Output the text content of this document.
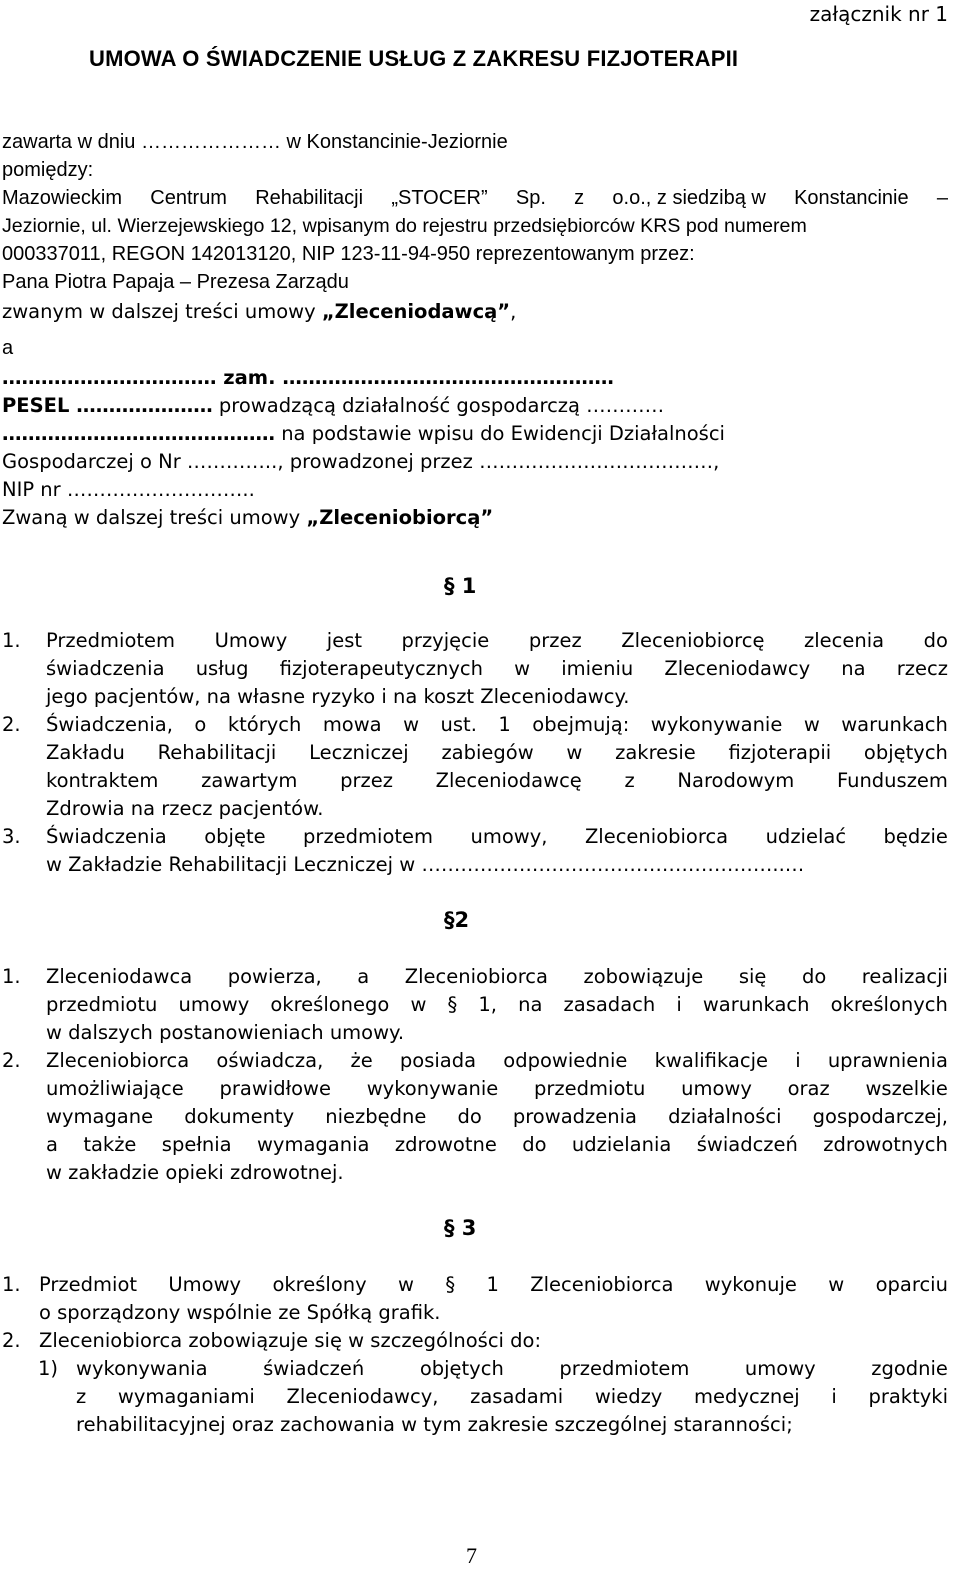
załącznik nr 1
UMOWA O ŚWIADCZENIE USŁUG Z ZAKRESU FIZJOTERAPII
zawarta w dniu ………………… w Konstancinie-Jeziornie
pomiędzy:
Mazowieckim Centrum Rehabilitacji „STOCER” Sp. z o.o., z siedzibą w Konstancinie –
Jeziornie, ul. Wierzejewskiego 12, wpisanym do rejestru przedsiębiorców KRS pod numerem
000337011, REGON 142013120, NIP 123-11-94-950 reprezentowanym przez:
Pana Piotra Papaja – Prezesa Zarządu
zwanym w dalszej treści umowy „Zleceniodawcą”,
a
…………………………… zam. ……………………………………………
PESEL ………………… prowadzącą działalność gospodarczą …………
…………………………………… na podstawie wpisu do Ewidencji Działalności
Gospodarczej o Nr ………….., prowadzonej przez ………………………………,
NIP nr ………………………..
Zwaną w dalszej treści umowy „Zleceniobiorcą”
§ 1
1. Przedmiotem Umowy jest przyjęcie przez Zleceniobiorcę zlecenia do
świadczenia usług fizjoterapeutycznych w imieniu Zleceniodawcy na rzecz
jego pacjentów, na własne ryzyko i na koszt Zleceniodawcy.
2. Świadczenia, o których mowa w ust. 1 obejmują: wykonywanie w warunkach
Zakładu Rehabilitacji Leczniczej zabiegów w zakresie fizjoterapii objętych
kontraktem zawartym przez Zleceniodawcę z Narodowym Funduszem
Zdrowia na rzecz pacjentów.
3. Świadczenia objęte przedmiotem umowy, Zleceniobiorca udzielać będzie
w Zakładzie Rehabilitacji Leczniczej w ………………………………………………..…
§2
1. Zleceniodawca powierza, a Zleceniobiorca zobowiązuje się do realizacji
przedmiotu umowy określonego w § 1, na zasadach i warunkach określonych
w dalszych postanowieniach umowy.
2. Zleceniobiorca oświadcza, że posiada odpowiednie kwalifikacje i uprawnienia
umożliwiające prawidłowe wykonywanie przedmiotu umowy oraz wszelkie
wymagane dokumenty niezbędne do prowadzenia działalności gospodarczej,
a także spełnia wymagania zdrowotne do udzielania świadczeń zdrowotnych
w zakładzie opieki zdrowotnej.
§ 3
1. Przedmiot Umowy określony w § 1 Zleceniobiorca wykonuje w oparciu
o sporządzony wspólnie ze Spółką grafik.
2. Zleceniobiorca zobowiązuje się w szczególności do:
1) wykonywania	świadczeń	objętych	przedmiotem	umowy	zgodnie
z wymaganiami Zleceniodawcy, zasadami wiedzy medycznej i praktyki
rehabilitacyjnej oraz zachowania w tym zakresie szczególnej staranności;
7
